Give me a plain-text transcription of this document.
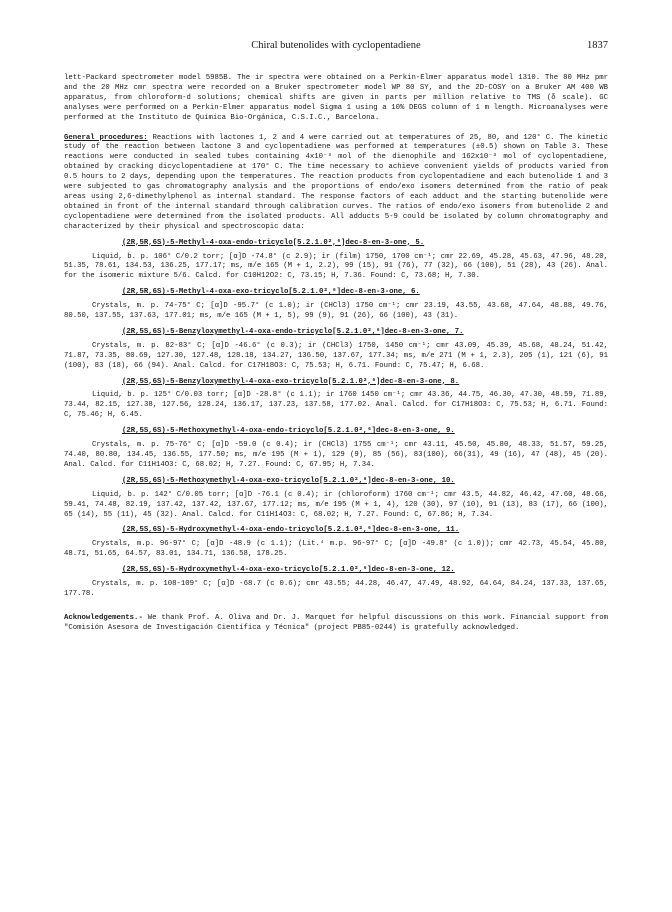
Chiral butenolides with cyclopentadiene	1837

lett-Packard spectrometer model 5985B. The ir spectra were obtained on a Perkin-Elmer apparatus model 1310. The 80 MHz pmr and the 20 MHz cmr spectra were recorded on a Bruker spectrometer model WP 80 SY, and the 2D-COSY on a Bruker AM 400 WB apparatus, from chloroform-d solutions; chemical shifts are given in parts per million relative to TMS (δ scale). GC analyses were performed on a Perkin-Elmer apparatus model Sigma 1 using a 10% DEGS column of 1 m length. Microanalyses were performed at the Instituto de Química Bio-Orgánica, C.S.I.C., Barcelona.

General procedures: Reactions with lactones 1, 2 and 4 were carried out at temperatures of 25, 80, and 120° C. The kinetic study of the reaction between lactone 3 and cyclopentadiene was performed at temperatures (±0.5) shown on Table 3. These reactions were conducted in sealed tubes containing 4x10⁻³ mol of the dienophile and 162x10⁻³ mol of cyclopentadiene, obtained by cracking dicyclopentadiene at 170° C. The time necessary to achieve convenient yields of products varied from 0.5 hours to 2 days, depending upon the temperatures. The reaction products from cyclopentadiene and each butenolide 1 and 3 were subjected to gas chromatography analysis and the proportions of endo/exo isomers determined from the ratio of peak areas using 2,6-dimethylphenol as internal standard. The response factors of each adduct and the starting butenolide were obtained in front of the internal standard through calibration curves. The ratios of endo/exo isomers from butenolide 2 and cyclopentadiene were determined from the isolated products. All adducts 5-9 could be isolated by column chromatography and characterized by their physical and spectroscopic data:

(2R,5R,6S)-5-Methyl-4-oxa-endo-tricyclo[5.2.1.0²,⁶]dec-8-en-3-one, 5.

Liquid, b. p. 106° C/0.2 torr; [α]D -74.8° (c 2.9); ir (film) 1750, 1700 cm⁻¹; cmr 22.69, 45.28, 45.63, 47.96, 48.20, 51.35, 78.61, 134.53, 136.25, 177.17; ms, m/e 165 (M + 1, 2.2), 99 (15), 91 (76), 77 (32), 66 (100), 51 (28), 43 (26). Anal. for the isomeric mixture 5/6. Calcd. for C10H12O2: C, 73.15; H, 7.36. Found: C, 73.68; H, 7.30.

(2R,5R,6S)-5-Methyl-4-oxa-exo-tricyclo[5.2.1.0²,⁶]dec-8-en-3-one, 6.

Crystals, m. p. 74-75° C; [α]D -95.7° (c 1.0); ir (CHCl3) 1750 cm⁻¹; cmr 23.19, 43.55, 43.68, 47.64, 48.88, 49.76, 80.50, 137.55, 137.63, 177.01; ms, m/e 165 (M + 1, 5), 99 (9), 91 (26), 66 (100), 43 (31).

(2R,5S,6S)-5-Benzyloxymethyl-4-oxa-endo-tricyclo[5.2.1.0²,⁶]dec-8-en-3-one, 7.

Crystals, m. p. 82-83° C; [α]D -46.6° (c 0.3); ir (CHCl3) 1750, 1450 cm⁻¹; cmr 43.09, 45.39, 45.68, 48.24, 51.42, 71.87, 73.35, 80.69, 127.30, 127.48, 128.18, 134.27, 136.50, 137.67, 177.34; ms, m/e 271 (M + 1, 2.3), 205 (1), 121 (6), 91 (100), 83 (18), 66 (94). Anal. Calcd. for C17H18O3: C, 75.53; H, 6.71. Found: C, 75.47; H, 6.68.

(2R,5S,6S)-5-Benzyloxymethyl-4-oxa-exo-tricyclo[5.2.1.0²,⁶]dec-8-en-3-one, 8.

Liquid, b. p. 125° C/0.03 torr; [α]D -28.8° (c 1.1); ir 1760 1450 cm⁻¹; cmr 43.36, 44.75, 46.30, 47.30, 48.59, 71.89, 73.44, 82.15, 127.38, 127.56, 128.24, 136.17, 137.23, 137.58, 177.02. Anal. Calcd. for C17H18O3: C, 75.53; H, 6.71. Found: C, 75.46; H, 6.45.

(2R,5S,6S)-5-Methoxymethyl-4-oxa-endo-tricyclo[5.2.1.0²,⁶]dec-8-en-3-one, 9.

Crystals, m. p. 75-76° C; [α]D -59.0 (c 0.4); ir (CHCl3) 1755 cm⁻¹; cmr 43.11, 45.50, 45.80, 48.33, 51.57, 59.25, 74.40, 80.80, 134.45, 136.55, 177.50; ms, m/e 195 (M + 1), 129 (9), 85 (56), 83(100), 66(31), 49 (16), 47 (48), 45 (20). Anal. Calcd. for C11H14O3: C, 68.02; H, 7.27. Found: C, 67.95; H, 7.34.

(2R,5S,6S)-5-Methoxymethyl-4-oxa-exo-tricyclo[5.2.1.0²,⁶]dec-8-en-3-one, 10.

Liquid, b. p. 142° C/0.05 torr; [α]D -76.1 (c 0.4); ir (chloroform) 1760 cm⁻¹; cmr 43.5, 44.82, 46.42, 47.60, 48.66, 59.41, 74.48, 82.19, 137.42, 137.42, 137.67, 177.12; ms, m/e 195 (M + 1, 4), 120 (30), 97 (10), 91 (13), 83 (17), 66 (100), 65 (14), 55 (11), 45 (32). Anal. Calcd. for C11H14O3: C, 68.02; H, 7.27. Found: C, 67.86; H, 7.34.

(2R,5S,6S)-5-Hydroxymethyl-4-oxa-endo-tricyclo[5.2.1.0²,⁶]dec-8-en-3-one, 11.

Crystals, m.p. 96-97° C; [α]D -48.9 (c 1.1); (Lit.⁴ m.p. 96-97° C; [α]D -49.8° (c 1.0)); cmr 42.73, 45.54, 45.80, 48.71, 51.65, 64.57, 83.01, 134.71, 136.58, 178.25.

(2R,5S,6S)-5-Hydroxymethyl-4-oxa-exo-tricyclo[5.2.1.0²,⁶]dec-8-en-3-one, 12.

Crystals, m. p. 108-109° C; [α]D -68.7 (c 0.6); cmr 43.55; 44.28, 46.47, 47.49, 48.92, 64.64, 84.24, 137.33, 137.65, 177.78.

Acknowledgements.- We thank Prof. A. Oliva and Dr. J. Marquet for helpful discussions on this work. Financial support from "Comisión Asesora de Investigación Científica y Técnica" (project PB85-0244) is gratefully acknowledged.
